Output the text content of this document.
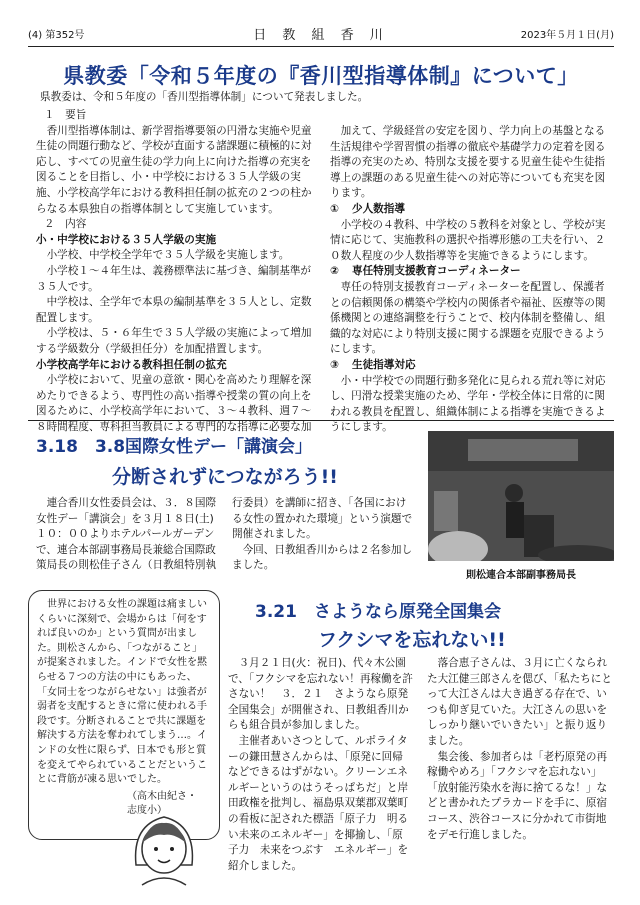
(4) 第352号	日 教 組 香 川	2023年５月１日(月)
県教委「令和５年度の『香川型指導体制』について」
県教委は、令和５年度の「香川型指導体制」について発表しました。

１　要旨

香川型指導体制は、新学習指導要領の円滑な実施や児童生徒の問題行動など、学校が直面する諸課題に積極的に対応し、すべての児童生徒の学力向上に向けた指導の充実を図ることを目指し、小・中学校における３５人学級の実施、小学校高学年における教科担任制の拡充の２つの柱からなる本県独自の指導体制として実施しています。

２　内容

小・中学校における３５人学級の実施

小学校、中学校全学年で３５人学級を実施します。

小学校１～４年生は、義務標準法に基づき、編制基準が３５人です。

中学校は、全学年で本県の編制基準を３５人とし、定数配置します。

小学校は、５・６年生で３５人学級の実施によって増加する学級数分（学級担任分）を加配措置します。

小学校高学年における教科担任制の拡充

小学校において、児童の意欲・関心を高めたり理解を深めたりできるよう、専門性の高い指導や授業の質の向上を図るために、小学校高学年において、３～４教科、週７～８時間程度、専科担当教員による専門的な指導に必要な加

加えて、学級経営の安定を図り、学力向上の基盤となる生活規律や学習習慣の指導の徹底や基礎学力の定着を図る指導の充実のため、特別な支援を要する児童生徒や生徒指導上の課題のある児童生徒への対応等についても充実を図ります。

① 少人数指導

小学校の４教科、中学校の５教科を対象とし、学校が実情に応じて、実施教科の選択や指導形態の工夫を行い、２０数人程度の少人数指導等を実施できるようにします。

② 専任特別支援教育コーディネーター

専任の特別支援教育コーディネーターを配置し、保護者との信頼関係の構築や学校内の関係者や福祉、医療等の関係機関との連絡調整を行うことで、校内体制を整備し、組織的な対応により特別支援に関する課題を克服できるようにします。

③ 生徒指導対応

小・中学校での問題行動多発化に見られる荒れ等に対応し、円滑な授業実施のため、学年・学校全体に日常的に関われる教員を配置し、組織体制による指導を実施できるようにします。

3.18　3.8国際女性デー「講演会」
分断されずにつながろう!!

連合香川女性委員会は、３．８国際女性デー「講演会」を３月１８日(土)１０：００よりホテルパールガーデンで、連合本部副事務局長兼総合国際政策局長の則松佳子さん（日教組特別執行委員）を講師に招き、「各国における女性の置かれた環境」という演題で開催されました。

今回、日教組香川からは２名参加しました。

則松連合本部副事務局長

世界における女性の課題は痛ましいくらいに深刻で、会場からは「何をすれば良いのか」という質問が出ました。則松さんから、「つながること」が提案されました。インドで女性を黙らせる７つの方法の中にもあった、「女同士をつながらせない」は強者が弱者を支配するときに常に使われる手段です。分断されることで共に課題を解決する方法を奪われてしまう…。インドの女性に限らず、日本でも形と質を変えてやられていることだということに背筋が凍る思いでした。

（高木由紀さ・志度小）

3.21　さようなら原発全国集会
フクシマを忘れない!!

３月２１日(火：祝日)、代々木公園で、「フクシマを忘れない！再稼働を許さない！　３．２１　さようなら原発全国集会」が開催され、日教組香川からも組合員が参加しました。

主催者あいさつとして、ルポライターの鎌田慧さんからは、「原発に回帰などできるはずがない。クリーンエネルギーというのはうそっぱちだ」と岸田政権を批判し、福島県双葉郡双葉町の看板に記された標語「原子力　明るい未来のエネルギー」を揶揄し、「原子力　未来をつぶす　エネルギー」を紹介しました。

落合恵子さんは、３月に亡くなられた大江健三郎さんを偲び、「私たちにとって大江さんは大き過ぎる存在で、いつも仰ぎ見ていた。大江さんの思いをしっかり継いでいきたい」と振り返りました。

集会後、参加者らは「老朽原発の再稼働やめろ」「フクシマを忘れない」「放射能汚染水を海に捨てるな！」などと書かれたプラカードを手に、原宿コース、渋谷コースに分かれて市街地をデモ行進しました。
